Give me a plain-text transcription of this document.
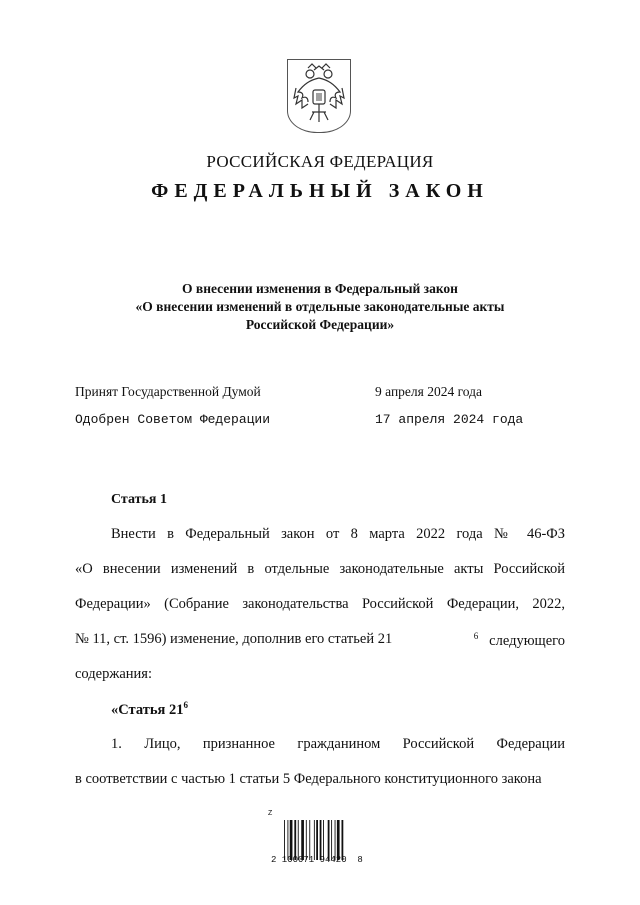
РОССИЙСКАЯ ФЕДЕРАЦИЯ
ФЕДЕРАЛЬНЫЙ ЗАКОН
О внесении изменения в Федеральный закон
«О внесении изменений в отдельные законодательные акты
Российской Федерации»
Принят Государственной Думой	9 апреля 2024 года
Одобрен Советом Федерации	17 апреля 2024 года
Статья 1
Внести в Федеральный закон от 8 марта 2022 года № 46-ФЗ
«О внесении изменений в отдельные законодательные акты Российской
Федерации» (Собрание законодательства Российской Федерации, 2022,
№ 11, ст. 1596) изменение, дополнив его статьей 21	$^6$ следующего
содержания:
«Статья $21^6$
1. Лицо, признанное гражданином Российской Федерации
в соответствии с частью 1 статьи 5 Федерального конституционного закона
Z
2 100071 94420  8
